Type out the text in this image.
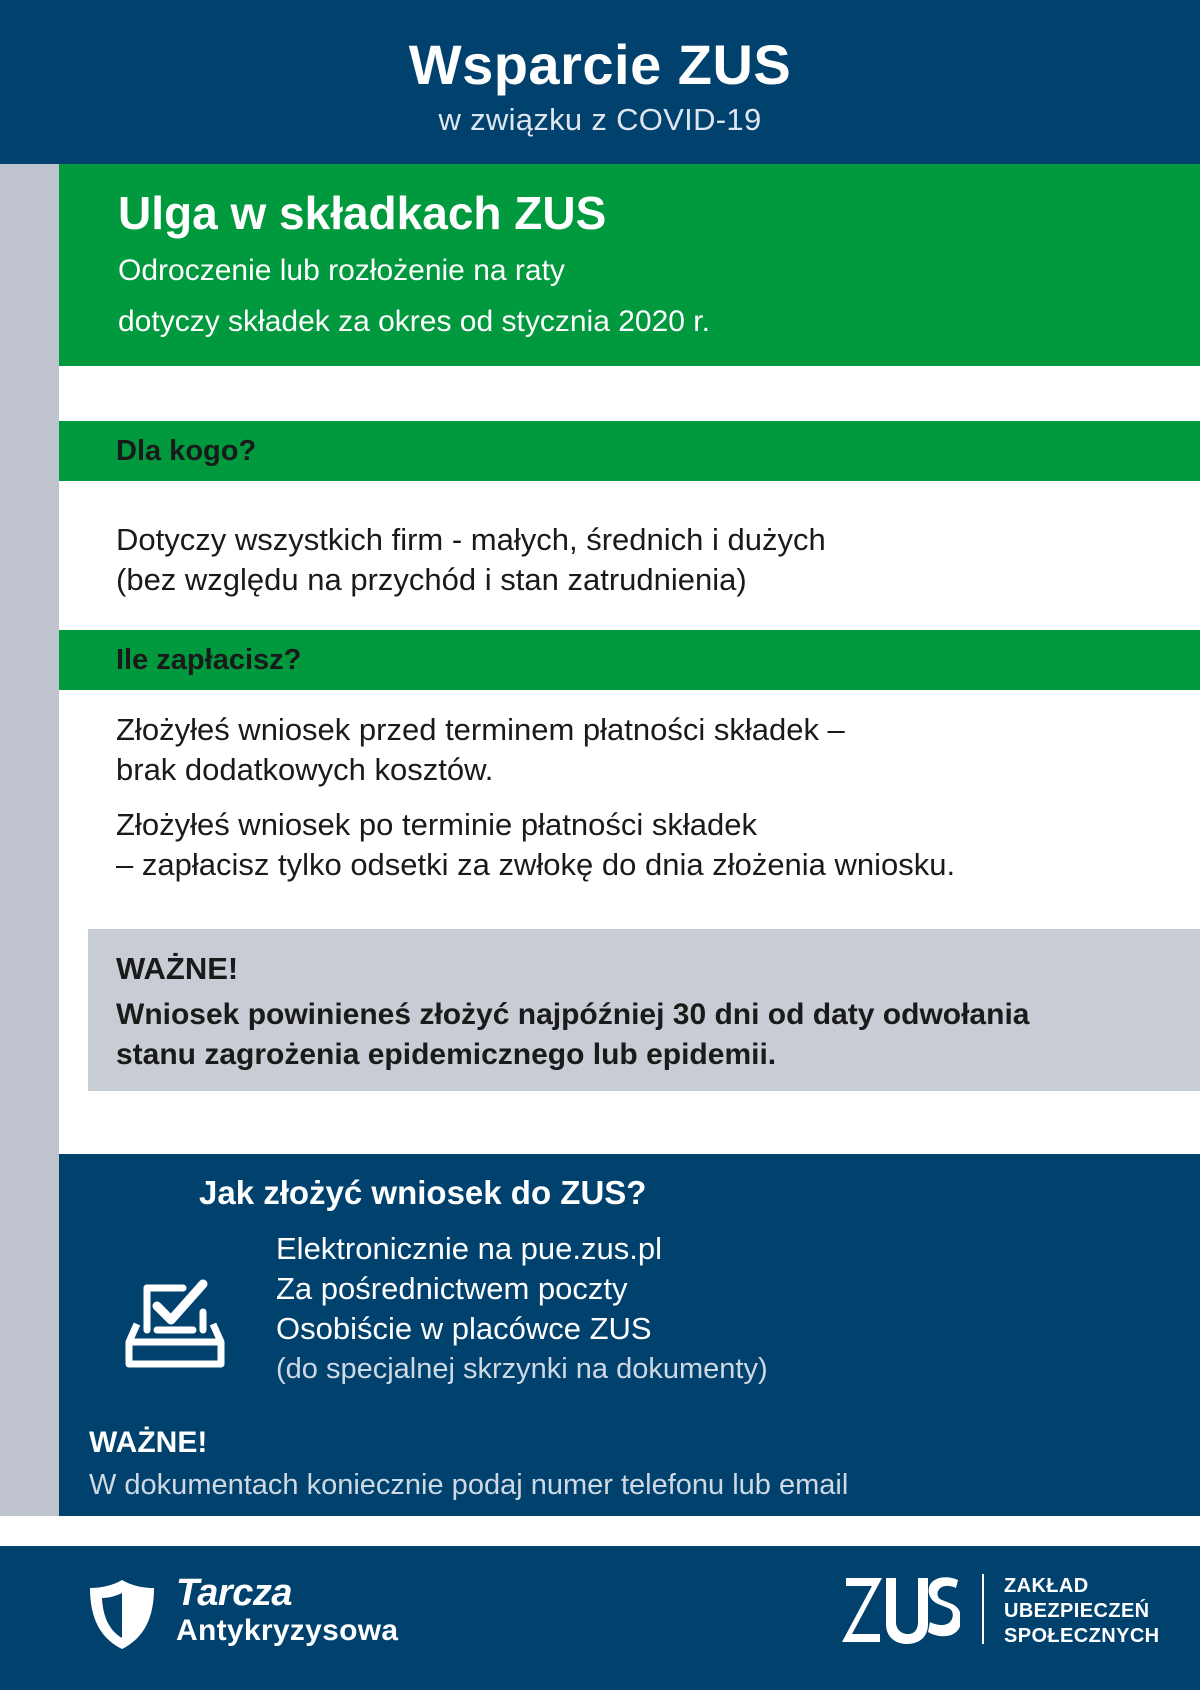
Wsparcie ZUS
w związku z COVID-19
Ulga w składkach ZUS
Odroczenie lub rozłożenie na raty
dotyczy składek za okres od stycznia 2020 r.
Dla kogo?
Dotyczy wszystkich firm - małych, średnich i dużych
(bez względu na przychód i stan zatrudnienia)
Ile zapłacisz?
Złożyłeś wniosek przed terminem płatności składek –
brak dodatkowych kosztów.
Złożyłeś wniosek po terminie płatności składek
– zapłacisz tylko odsetki za zwłokę do dnia złożenia wniosku.
WAŻNE!
Wniosek powinieneś złożyć najpóźniej 30 dni od daty odwołania
stanu zagrożenia epidemicznego lub epidemii.
Jak złożyć wniosek do ZUS?
Elektronicznie na pue.zus.pl
Za pośrednictwem poczty
Osobiście w placówce ZUS
(do specjalnej skrzynki na dokumenty)
WAŻNE!
W dokumentach koniecznie podaj numer telefonu lub email
Tarcza
Antykryzysowa
ZAKŁAD
UBEZPIECZEŃ
SPOŁECZNYCH
